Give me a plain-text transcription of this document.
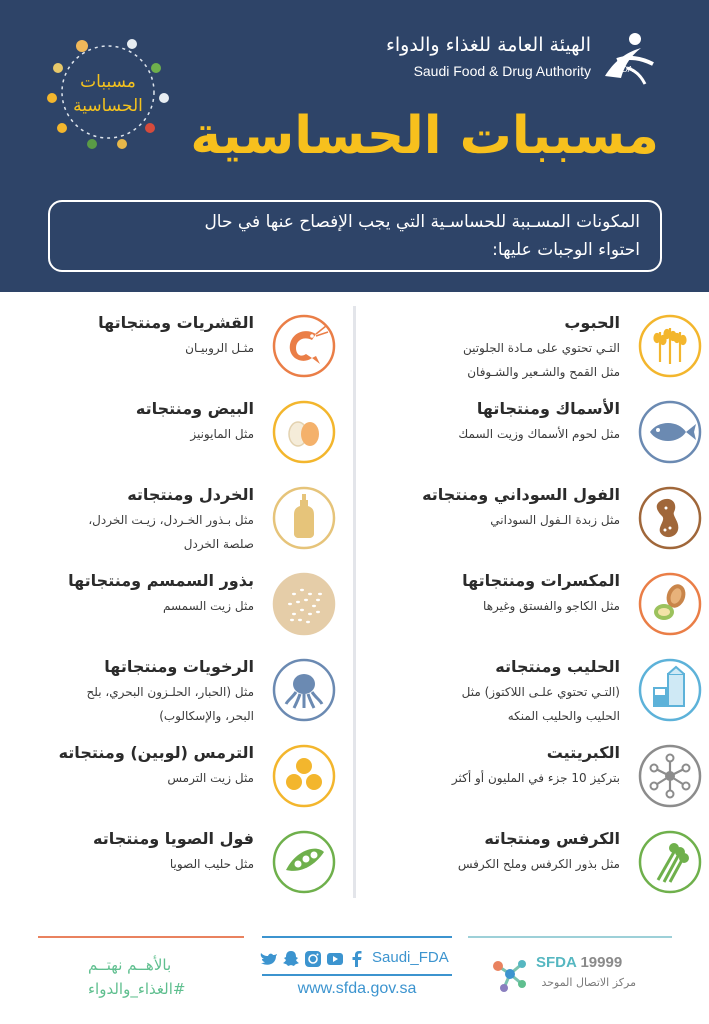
مسببات
الحساسية
SFDA
الهيئة العامة للغذاء والدواء
Saudi Food & Drug Authority
مسببات الحساسية
المكونات المسـببة للحساسـية التي يجب الإفصاح عنها في حال
احتواء الوجبات عليها:
الحبوب
التـي تحتوي على مـادة الجلوتين
مثل القمح والشـعير والشـوفان
الأسماك ومنتجاتها
مثل لحوم الأسماك وزيت السمك
الفول السوداني ومنتجاته
مثل زبدة الـفول السوداني
المكسرات ومنتجاتها
مثل الكاجو والفستق وغيرها
الحليب ومنتجاته
(التـي تحتوي علـى اللاكتوز) مثل
الحليب والحليب المنكه
الكبريتيت
بتركيز 10 جزء في المليون أو أكثر
الكرفس ومنتجاته
مثل بذور الكرفس وملح الكرفس
القشريات ومنتجاتها
مثـل الروبيـان
البيض ومنتجاته
مثل المايونيز
الخردل ومنتجاته
مثل بـذور الخـردل، زيـت الخردل،
صلصة الخردل
بذور السمسم ومنتجاتها
مثل زيت السمسم
الرخويات ومنتجاتها
مثل (الحبار، الحلـزون البحري، بلح
البحر، والإسكالوب)
الترمس (لوبين) ومنتجاته
مثل زيت الترمس
فول الصويا ومنتجاته
مثل حليب الصويا
بالأهــم نهتــم
#الغذاء_والدواء
Saudi_FDA
www.sfda.gov.sa
SFDA 19999
مركز الاتصال الموحد
